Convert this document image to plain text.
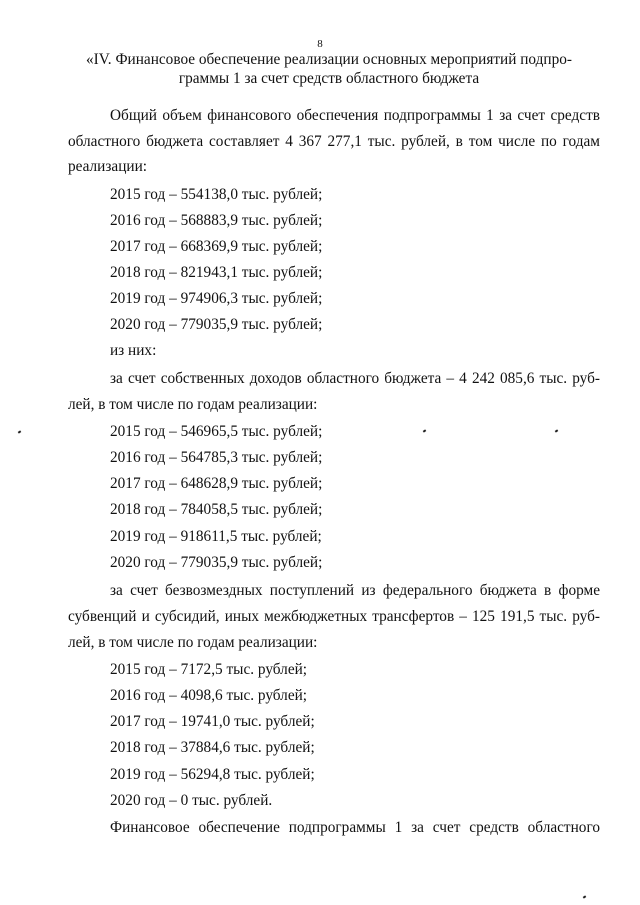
8
«IV. Финансовое обеспечение реализации основных мероприятий подпро-
граммы 1 за счет средств областного бюджета
Общий объем финансового обеспечения подпрограммы 1 за счет средств
областного бюджета составляет 4 367 277,1 тыс. рублей, в том числе по годам
реализации:
2015 год – 554138,0 тыс. рублей;
2016 год – 568883,9 тыс. рублей;
2017 год – 668369,9 тыс. рублей;
2018 год – 821943,1 тыс. рублей;
2019 год – 974906,3 тыс. рублей;
2020 год – 779035,9 тыс. рублей;
из них:
за счет собственных доходов областного бюджета – 4 242 085,6 тыс. руб-
лей, в том числе по годам реализации:
2015 год – 546965,5 тыс. рублей;
2016 год – 564785,3 тыс. рублей;
2017 год – 648628,9 тыс. рублей;
2018 год – 784058,5 тыс. рублей;
2019 год – 918611,5 тыс. рублей;
2020 год – 779035,9 тыс. рублей;
за счет безвозмездных поступлений из федерального бюджета в форме
субвенций и субсидий, иных межбюджетных трансфертов – 125 191,5 тыс. руб-
лей, в том числе по годам реализации:
2015 год – 7172,5 тыс. рублей;
2016 год – 4098,6 тыс. рублей;
2017 год – 19741,0 тыс. рублей;
2018 год – 37884,6 тыс. рублей;
2019 год – 56294,8 тыс. рублей;
2020 год – 0 тыс. рублей.
Финансовое обеспечение подпрограммы 1 за счет средств областного
